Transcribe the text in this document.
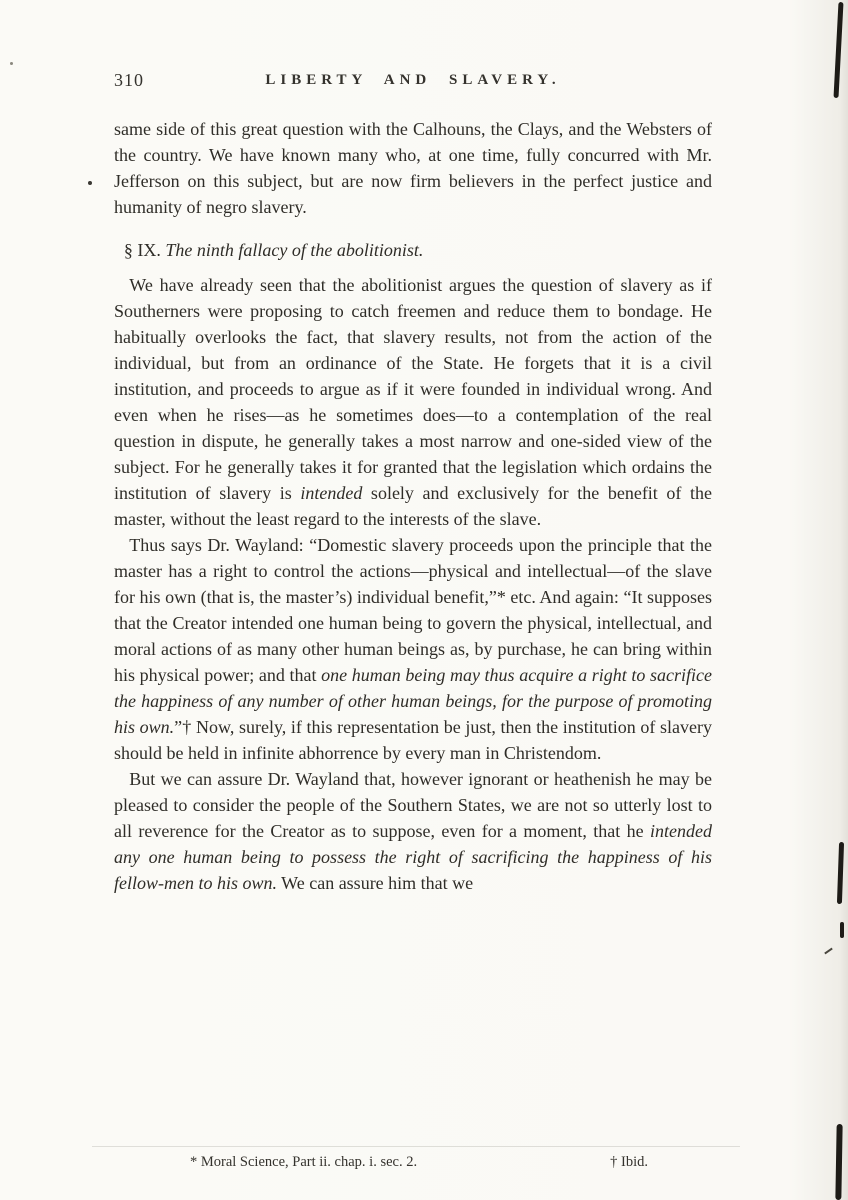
310	LIBERTY AND SLAVERY.

same side of this great question with the Calhouns, the Clays, and the Websters of the country. We have known many who, at one time, fully concurred with Mr. Jefferson on this subject, but are now firm believers in the perfect justice and humanity of negro slavery.

§ IX. The ninth fallacy of the abolitionist.

We have already seen that the abolitionist argues the question of slavery as if Southerners were proposing to catch freemen and reduce them to bondage. He habitually overlooks the fact, that slavery results, not from the action of the individual, but from an ordinance of the State. He forgets that it is a civil institution, and proceeds to argue as if it were founded in individual wrong. And even when he rises—as he sometimes does—to a contemplation of the real question in dispute, he generally takes a most narrow and one-sided view of the subject. For he generally takes it for granted that the legislation which ordains the institution of slavery is intended solely and exclusively for the benefit of the master, without the least regard to the interests of the slave.

Thus says Dr. Wayland: “Domestic slavery proceeds upon the principle that the master has a right to control the actions—physical and intellectual—of the slave for his own (that is, the master’s) individual benefit,”* etc. And again: “It supposes that the Creator intended one human being to govern the physical, intellectual, and moral actions of as many other human beings as, by purchase, he can bring within his physical power; and that one human being may thus acquire a right to sacrifice the happiness of any number of other human beings, for the purpose of promoting his own.”† Now, surely, if this representation be just, then the institution of slavery should be held in infinite abhorrence by every man in Christendom.

But we can assure Dr. Wayland that, however ignorant or heathenish he may be pleased to consider the people of the Southern States, we are not so utterly lost to all reverence for the Creator as to suppose, even for a moment, that he intended any one human being to possess the right of sacrificing the happiness of his fellow-men to his own. We can assure him that we

* Moral Science, Part ii. chap. i. sec. 2.	† Ibid.
